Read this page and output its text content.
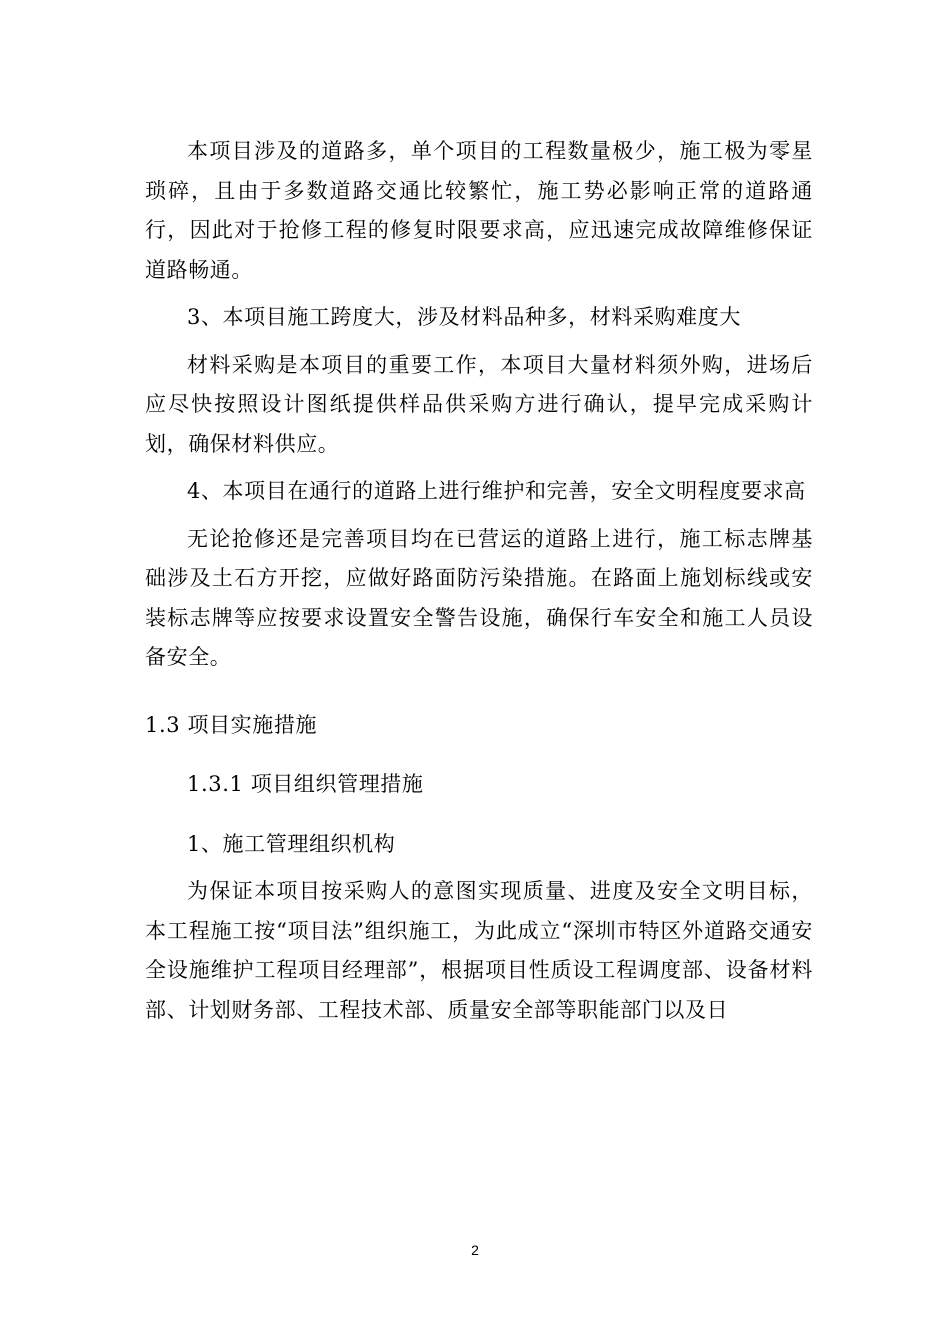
本项目涉及的道路多，单个项目的工程数量极少，施工极为零星琐碎，且由于多数道路交通比较繁忙，施工势必影响正常的道路通行，因此对于抢修工程的修复时限要求高，应迅速完成故障维修保证道路畅通。

3、本项目施工跨度大，涉及材料品种多，材料采购难度大

材料采购是本项目的重要工作，本项目大量材料须外购，进场后应尽快按照设计图纸提供样品供采购方进行确认，提早完成采购计划，确保材料供应。

4、本项目在通行的道路上进行维护和完善，安全文明程度要求高

无论抢修还是完善项目均在已营运的道路上进行，施工标志牌基础涉及土石方开挖，应做好路面防污染措施。在路面上施划标线或安装标志牌等应按要求设置安全警告设施，确保行车安全和施工人员设备安全。

1.3 项目实施措施

1.3.1 项目组织管理措施

1、施工管理组织机构

为保证本项目按采购人的意图实现质量、进度及安全文明目标，本工程施工按“项目法”组织施工，为此成立“深圳市特区外道路交通安全设施维护工程项目经理部”，根据项目性质设工程调度部、设备材料部、计划财务部、工程技术部、质量安全部等职能部门以及日

2
